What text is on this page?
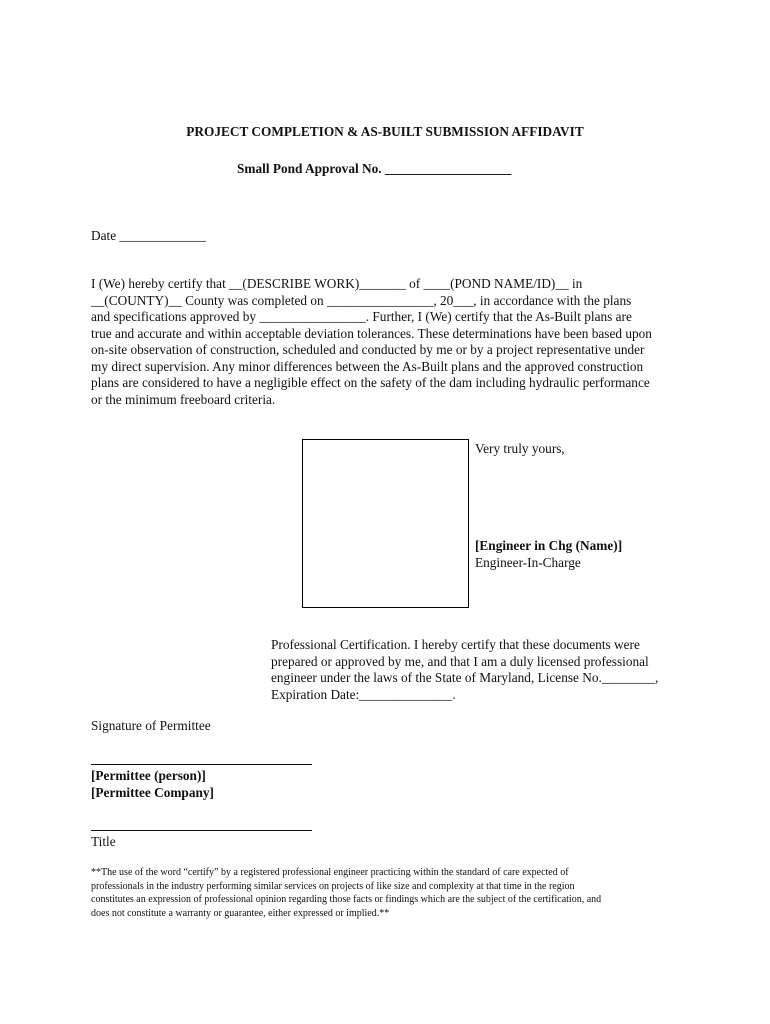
PROJECT COMPLETION & AS-BUILT SUBMISSION AFFIDAVIT
Small Pond Approval No. ___________________
Date _____________
I (We) hereby certify that __(DESCRIBE WORK)_______ of ____(POND NAME/ID)__ in
__(COUNTY)__ County was completed on ________________, 20___, in accordance with the plans
and specifications approved by ________________. Further, I (We) certify that the As-Built plans are
true and accurate and within acceptable deviation tolerances. These determinations have been based upon
on-site observation of construction, scheduled and conducted by me or by a project representative under
my direct supervision. Any minor differences between the As-Built plans and the approved construction
plans are considered to have a negligible effect on the safety of the dam including hydraulic performance
or the minimum freeboard criteria.
Very truly yours,
[Engineer in Chg (Name)]
Engineer-In-Charge
Professional Certification. I hereby certify that these documents were
prepared or approved by me, and that I am a duly licensed professional
engineer under the laws of the State of Maryland, License No.________,
Expiration Date:______________.
Signature of Permittee
[Permittee (person)]
[Permittee Company]
Title
**The use of the word “certify” by a registered professional engineer practicing within the standard of care expected of
professionals in the industry performing similar services on projects of like size and complexity at that time in the region
constitutes an expression of professional opinion regarding those facts or findings which are the subject of the certification, and
does not constitute a warranty or guarantee, either expressed or implied.**
